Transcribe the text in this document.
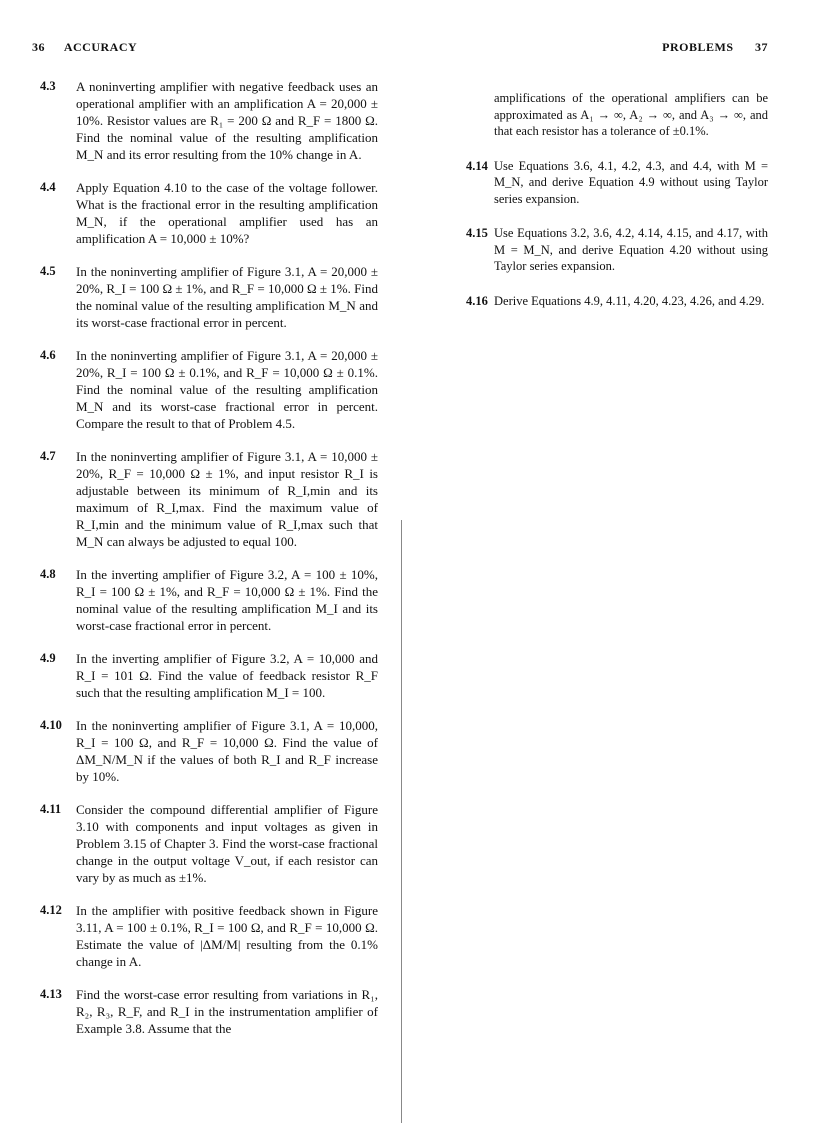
36 ACCURACY	PROBLEMS 37
4.3 A noninverting amplifier with negative feedback uses an operational amplifier with an amplification A = 20,000 ± 10%. Resistor values are R₁ = 200 Ω and R_F = 1800 Ω. Find the nominal value of the resulting amplification M_N and its error resulting from the 10% change in A.
4.4 Apply Equation 4.10 to the case of the voltage follower. What is the fractional error in the resulting amplification M_N, if the operational amplifier used has an amplification A = 10,000 ± 10%?
4.5 In the noninverting amplifier of Figure 3.1, A = 20,000 ± 20%, R_I = 100 Ω ± 1%, and R_F = 10,000 Ω ± 1%. Find the nominal value of the resulting amplification M_N and its worst-case fractional error in percent.
4.6 In the noninverting amplifier of Figure 3.1, A = 20,000 ± 20%, R_I = 100 Ω ± 0.1%, and R_F = 10,000 Ω ± 0.1%. Find the nominal value of the resulting amplification M_N and its worst-case fractional error in percent. Compare the result to that of Problem 4.5.
4.7 In the noninverting amplifier of Figure 3.1, A = 10,000 ± 20%, R_F = 10,000 Ω ± 1%, and input resistor R_I is adjustable between its minimum of R_I,min and its maximum of R_I,max. Find the maximum value of R_I,min and the minimum value of R_I,max such that M_N can always be adjusted to equal 100.
4.8 In the inverting amplifier of Figure 3.2, A = 100 ± 10%, R_I = 100 Ω ± 1%, and R_F = 10,000 Ω ± 1%. Find the nominal value of the resulting amplification M_I and its worst-case fractional error in percent.
4.9 In the inverting amplifier of Figure 3.2, A = 10,000 and R_I = 101 Ω. Find the value of feedback resistor R_F such that the resulting amplification M_I = 100.
4.10 In the noninverting amplifier of Figure 3.1, A = 10,000, R_I = 100 Ω, and R_F = 10,000 Ω. Find the value of ΔM_N/M_N if the values of both R_I and R_F increase by 10%.
4.11 Consider the compound differential amplifier of Figure 3.10 with components and input voltages as given in Problem 3.15 of Chapter 3. Find the worst-case fractional change in the output voltage V_out, if each resistor can vary by as much as ±1%.
4.12 In the amplifier with positive feedback shown in Figure 3.11, A = 100 ± 0.1%, R_I = 100 Ω, and R_F = 10,000 Ω. Estimate the value of |ΔM/M| resulting from the 0.1% change in A.
4.13 Find the worst-case error resulting from variations in R₁, R₂, R₃, R_F, and R_I in the instrumentation amplifier of Example 3.8. Assume that the
amplifications of the operational amplifiers can be approximated as A₁ → ∞, A₂ → ∞, and A₃ → ∞, and that each resistor has a tolerance of ±0.1%.
4.14 Use Equations 3.6, 4.1, 4.2, 4.3, and 4.4, with M = M_N, and derive Equation 4.9 without using Taylor series expansion.
4.15 Use Equations 3.2, 3.6, 4.2, 4.14, 4.15, and 4.17, with M = M_N, and derive Equation 4.20 without using Taylor series expansion.
4.16 Derive Equations 4.9, 4.11, 4.20, 4.23, 4.26, and 4.29.
